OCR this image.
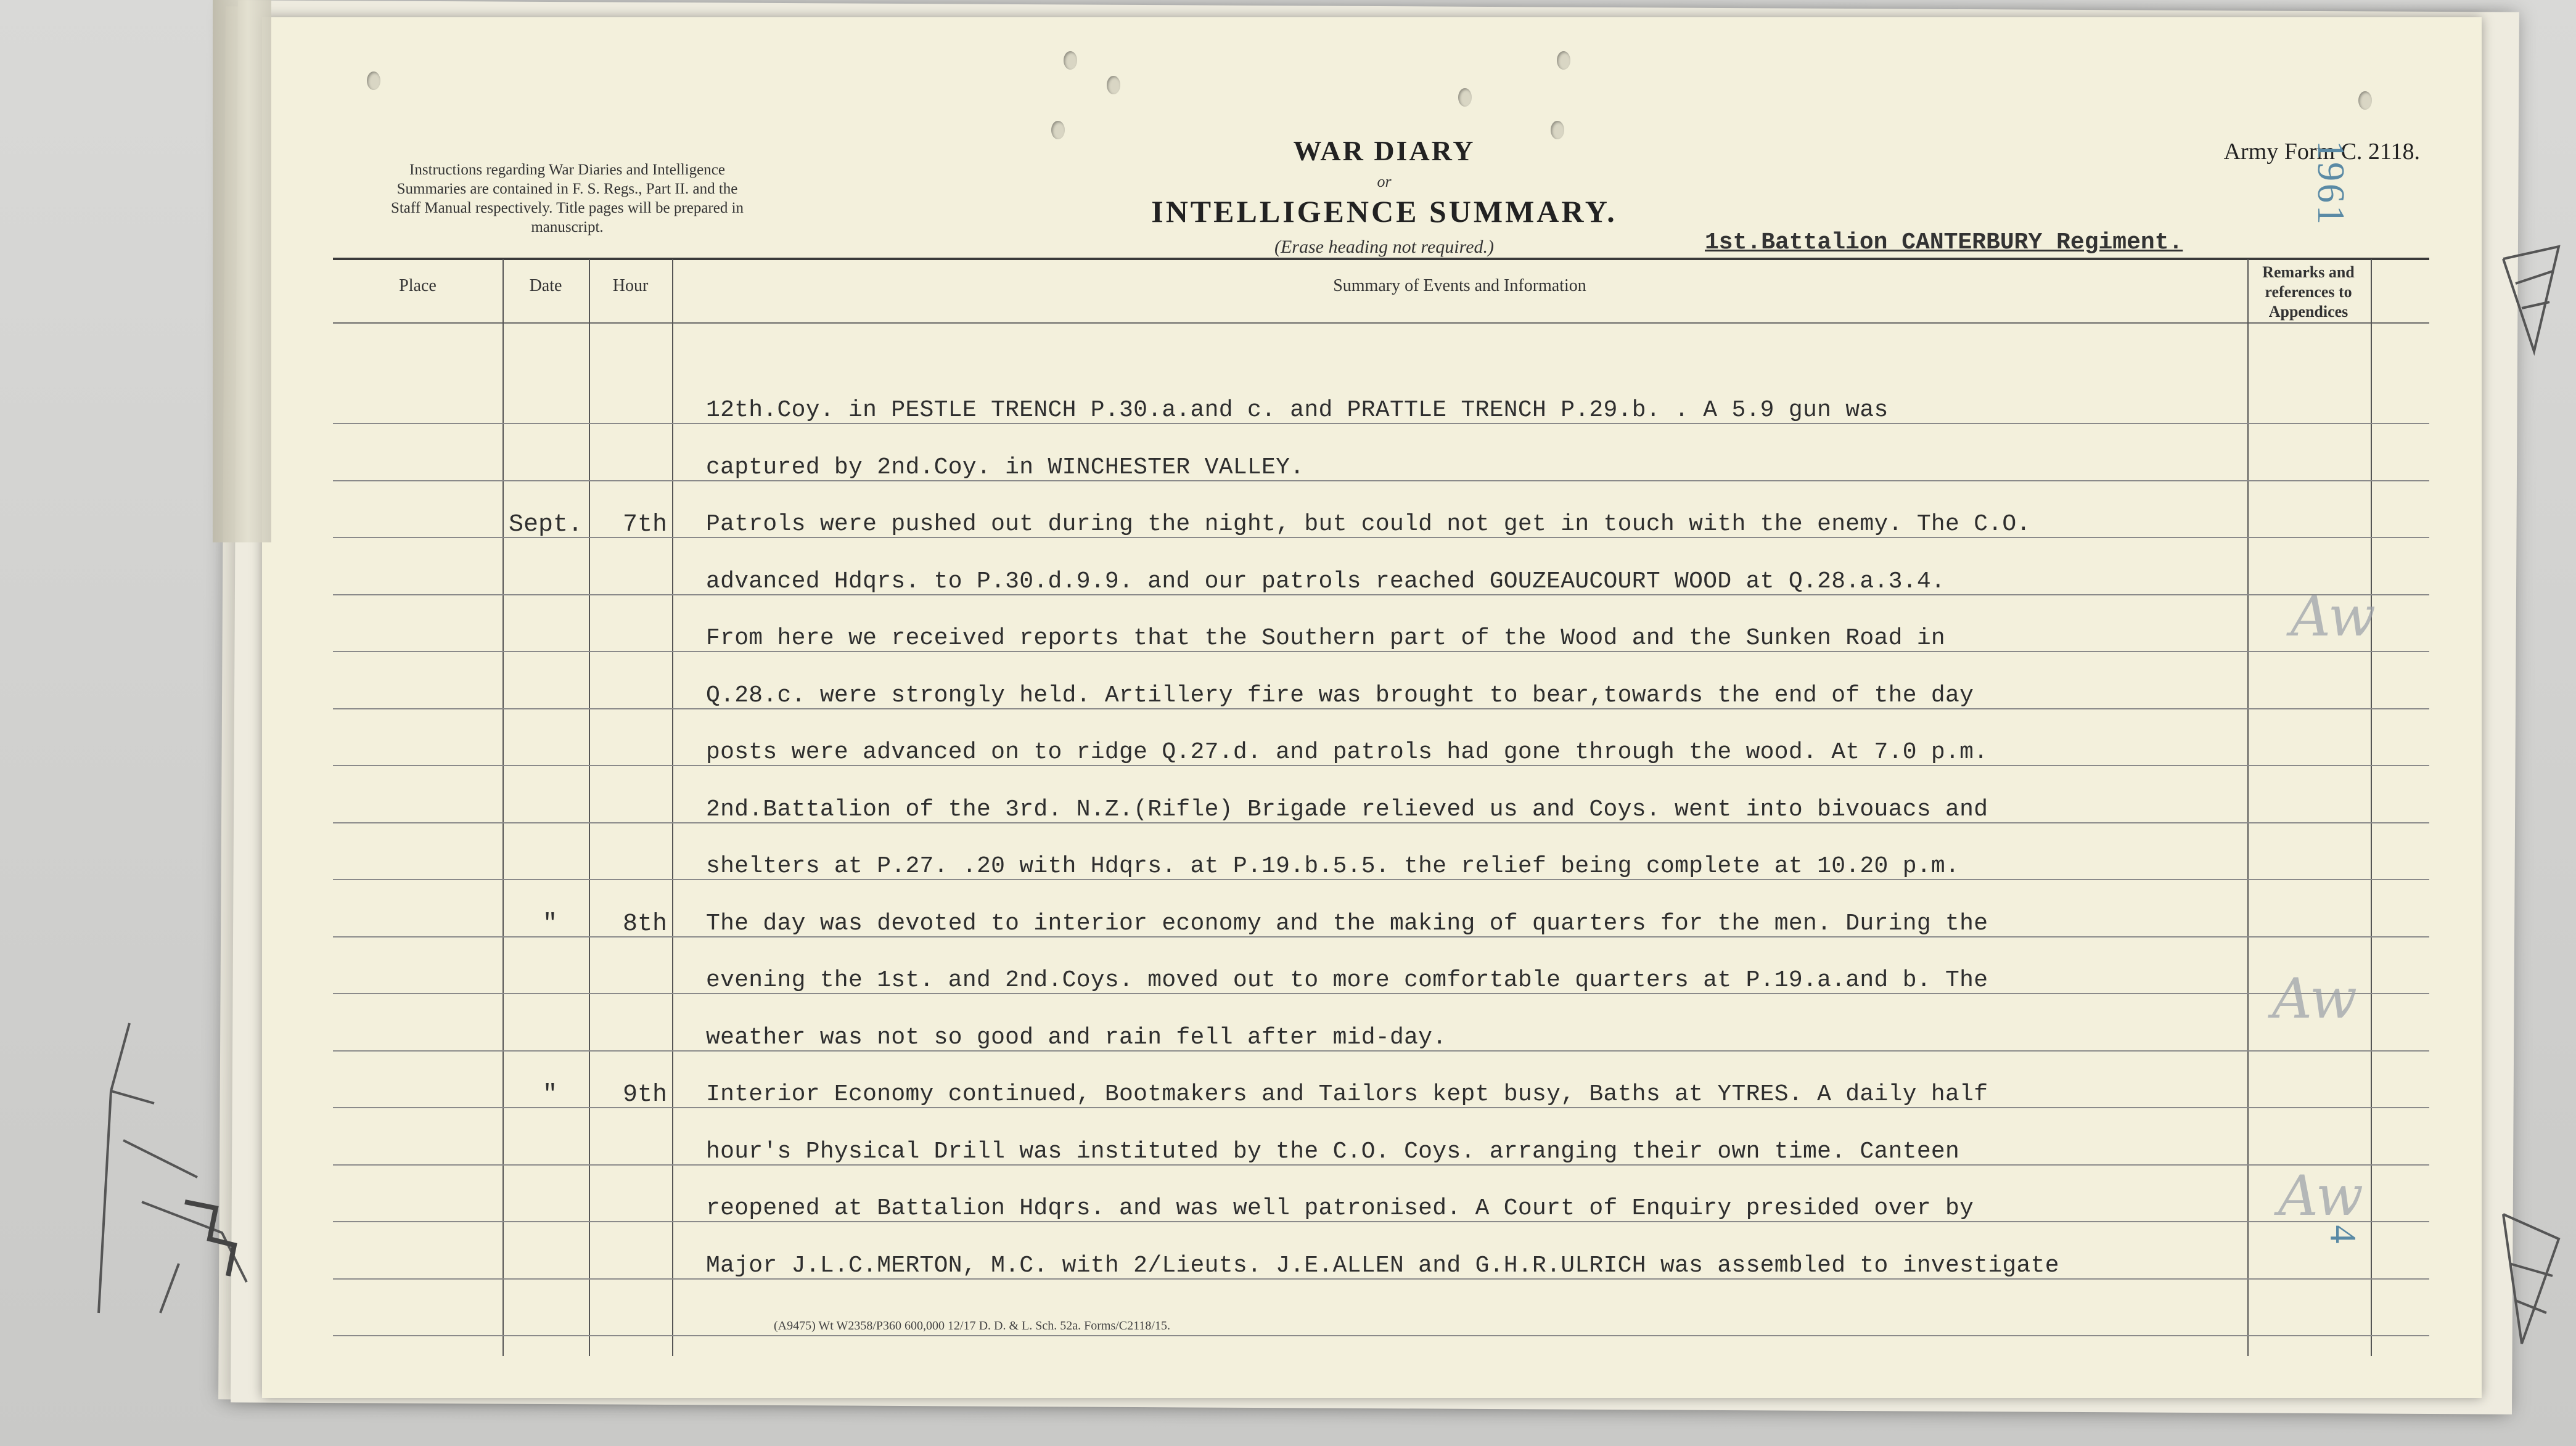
Instructions regarding War Diaries and Intelligence Summaries are contained in F. S. Regs., Part II. and the Staff Manual respectively. Title pages will be prepared in manuscript.
WAR DIARY
or
INTELLIGENCE SUMMARY.
(Erase heading not required.)
Army Form C. 2118.
1961
1st.Battalion CANTERBURY Regiment.
Place	Date	Hour	Summary of Events and Information
Remarks and references to Appendices
12th.Coy. in PESTLE TRENCH P.30.a.and c. and PRATTLE TRENCH P.29.b. . A 5.9 gun was
captured by 2nd.Coy. in WINCHESTER VALLEY.
Sept. 7th Patrols were pushed out during the night, but could not get in touch with the enemy. The C.O.
advanced Hdqrs. to P.30.d.9.9. and our patrols reached GOUZEAUCOURT WOOD at Q.28.a.3.4.
From here we received reports that the Southern part of the Wood and the Sunken Road in
Q.28.c. were strongly held. Artillery fire was brought to bear,towards the end of the day
posts were advanced on to ridge Q.27.d. and patrols had gone through the wood. At 7.0 p.m.
2nd.Battalion of the 3rd. N.Z.(Rifle) Brigade relieved us and Coys. went into bivouacs and
shelters at P.27. .20 with Hdqrs. at P.19.b.5.5. the relief being complete at 10.20 p.m.
"	8th The day was devoted to interior economy and the making of quarters for the men. During the
evening the 1st. and 2nd.Coys. moved out to more comfortable quarters at P.19.a.and b. The
weather was not so good and rain fell after mid-day.
"	9th Interior Economy continued, Bootmakers and Tailors kept busy, Baths at YTRES. A daily half
hour's Physical Drill was instituted by the C.O. Coys. arranging their own time. Canteen
reopened at Battalion Hdqrs. and was well patronised. A Court of Enquiry presided over by
Major J.L.C.MERTON, M.C. with 2/Lieuts. J.E.ALLEN and G.H.R.ULRICH was assembled to investigate
Aw
Aw
Aw
4
(A9475) Wt W2358/P360 600,000 12/17 D. D. & L. Sch. 52a. Forms/C2118/15.
